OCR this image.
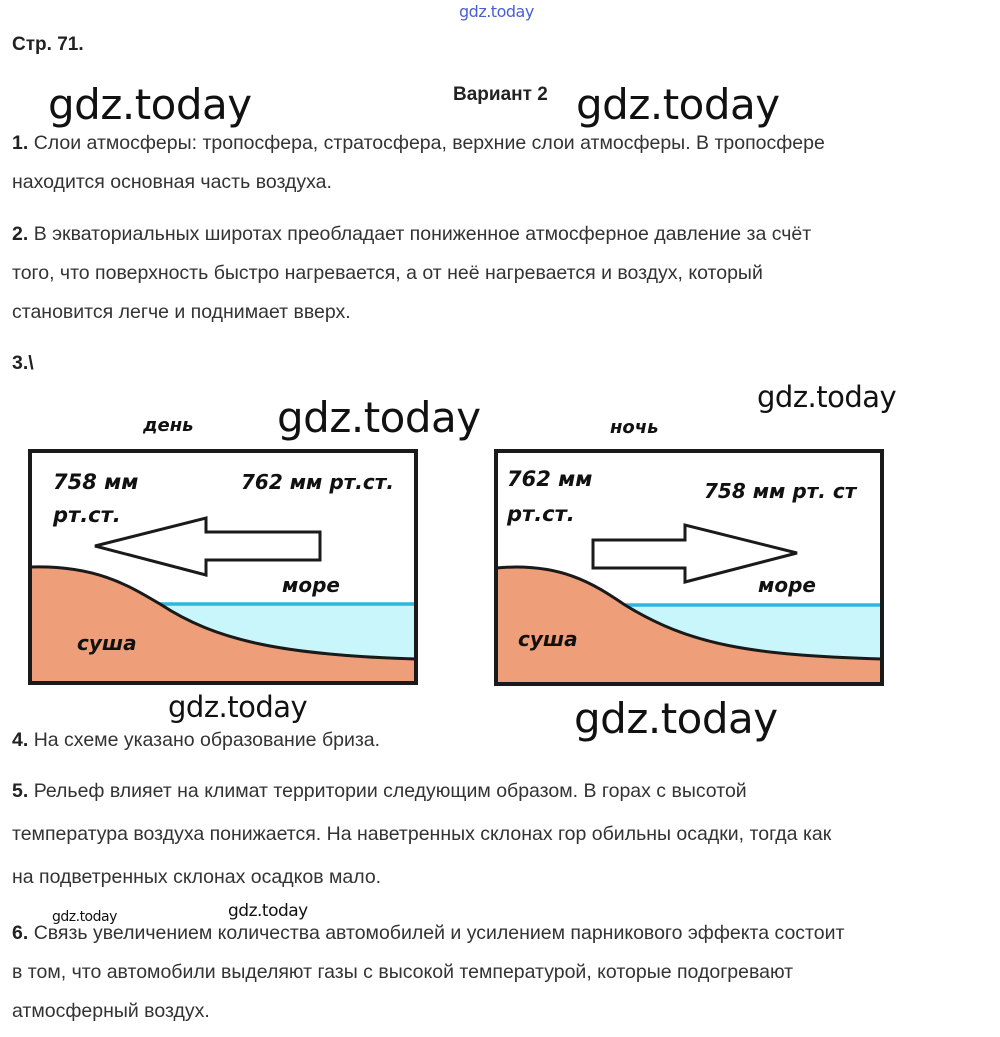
Стр. 71.
Вариант 2
1. Слои атмосферы: тропосфера, стратосфера, верхние слои атмосферы. В тропосфере
находится основная часть воздуха.
2. В экваториальных широтах преобладает пониженное атмосферное давление за счёт
того, что поверхность быстро нагревается, а от неё нагревается и воздух, который
становится легче и поднимает вверх.
3.\
758 мм
рт.ст.
762 мм рт.ст.
море
суша
762 мм
рт.ст.
758 мм рт. ст
море
суша
день	ночь
4. На схеме указано образование бриза.
5. Рельеф влияет на климат территории следующим образом. В горах с высотой
температура воздуха понижается. На наветренных склонах гор обильны осадки, тогда как
на подветренных склонах осадков мало.
6. Связь увеличением количества автомобилей и усилением парникового эффекта состоит
в том, что автомобили выделяют газы с высокой температурой, которые подогревают
атмосферный воздух.
gdz.today
gdz.today	gdz.today
gdz.today	gdz.today
gdz.today	gdz.today
gdz.today	gdz.today
